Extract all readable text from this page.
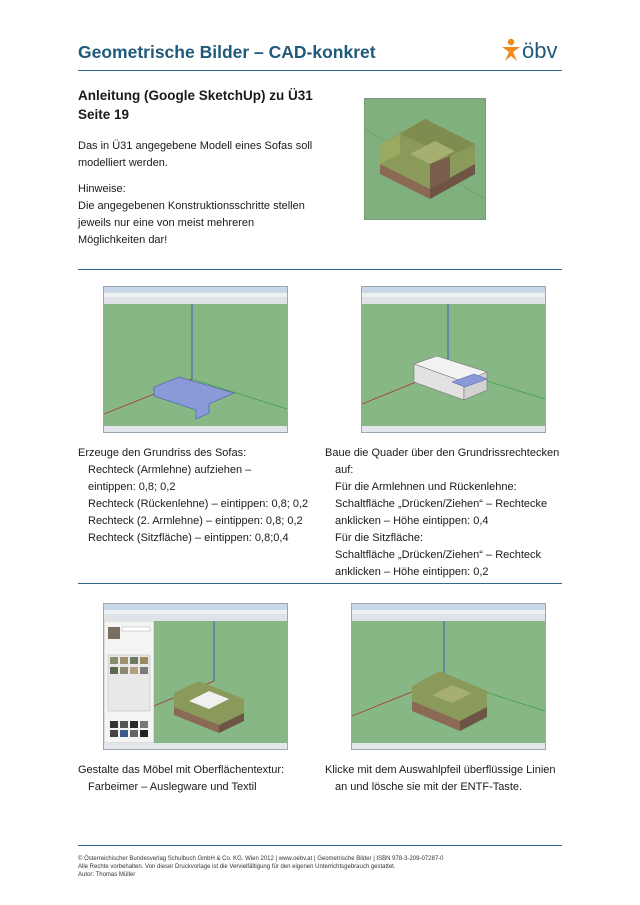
Geometrische Bilder – CAD-konkret	öbv
Anleitung (Google SketchUp) zu Ü31
Seite 19
Das in Ü31 angegebene Modell eines Sofas soll
modelliert werden.
Hinweise:
Die angegebenen Konstruktionsschritte stellen
jeweils nur eine von meist mehreren
Möglichkeiten dar!
Erzeuge den Grundriss des Sofas:
Rechteck (Armlehne) aufziehen –
eintippen: 0,8; 0,2
Rechteck (Rückenlehne) – eintippen: 0,8; 0,2
Rechteck (2. Armlehne) – eintippen: 0,8; 0,2
Rechteck (Sitzfläche) – eintippen: 0,8;0,4
Baue die Quader über den Grundrissrechtecken
auf:
Für die Armlehnen und Rückenlehne:
Schaltfläche „Drücken/Ziehen“ – Rechtecke
anklicken – Höhe eintippen: 0,4
Für die Sitzfläche:
Schaltfläche „Drücken/Ziehen“ – Rechteck
anklicken – Höhe eintippen: 0,2
Gestalte das Möbel mit Oberflächentextur:
Farbeimer – Auslegware und Textil
Klicke mit dem Auswahlpfeil überflüssige Linien
an und lösche sie mit der ENTF-Taste.
© Österreichischer Bundesverlag Schulbuch GmbH & Co. KG, Wien 2012 | www.oebv.at | Geometrische Bilder | ISBN 978-3-209-07287-0
Alle Rechte vorbehalten. Von dieser Druckvorlage ist die Vervielfältigung für den eigenen Unterrichtsgebrauch gestattet.
Autor: Thomas Müller
